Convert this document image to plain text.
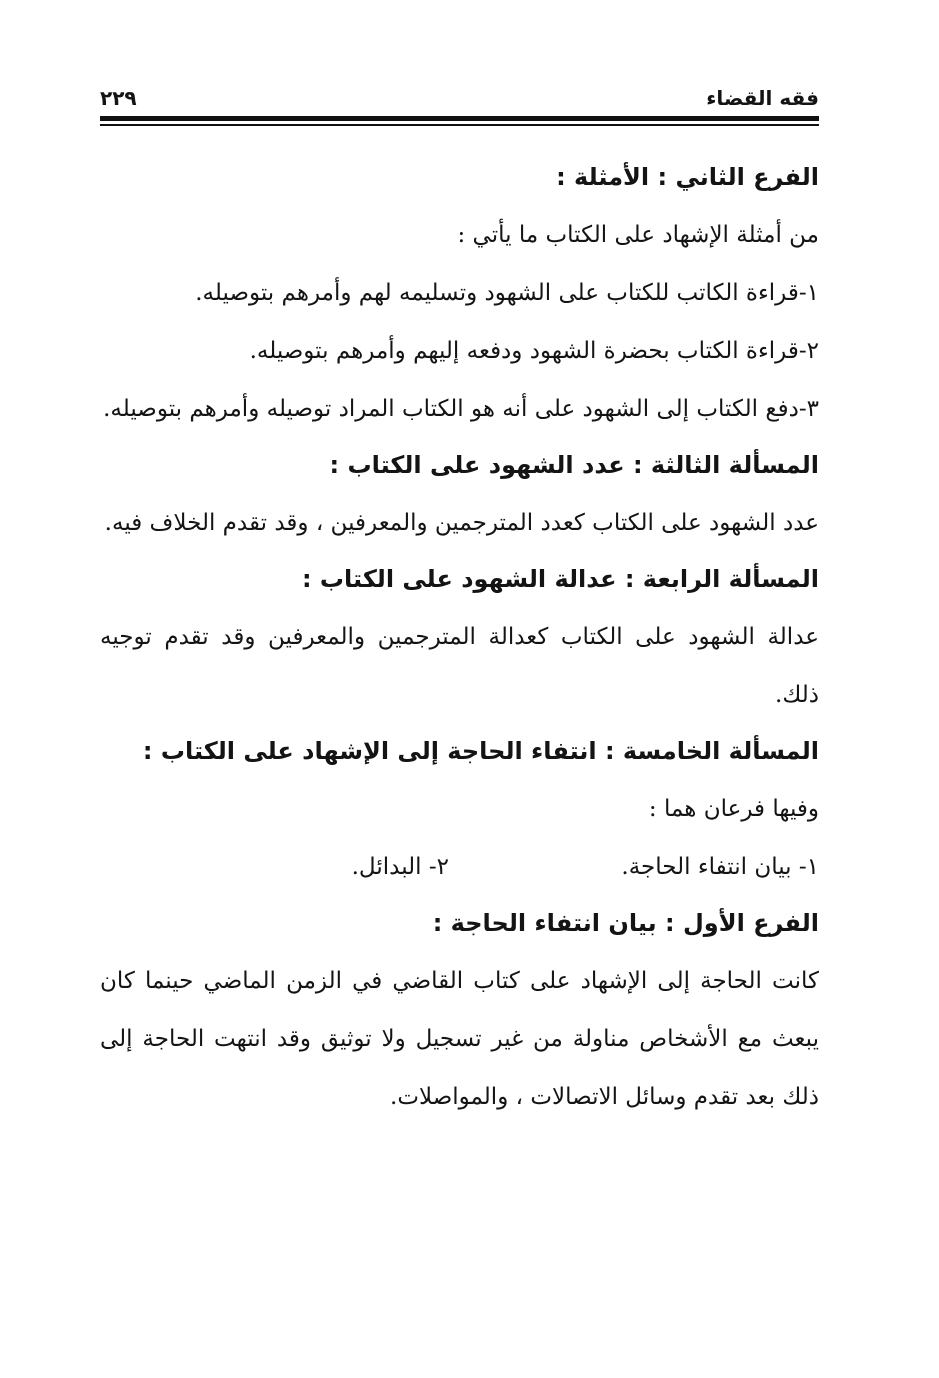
فقه القضاء
٢٢٩
الفرع الثاني : الأمثلة :

من أمثلة الإشهاد على الكتاب ما يأتي :

١-قراءة الكاتب للكتاب على الشهود وتسليمه لهم وأمرهم بتوصيله.

٢-قراءة الكتاب بحضرة الشهود ودفعه إليهم وأمرهم بتوصيله.

٣-دفع الكتاب إلى الشهود على أنه هو الكتاب المراد توصيله وأمرهم بتوصيله.

المسألة الثالثة : عدد الشهود على الكتاب :

عدد الشهود على الكتاب كعدد المترجمين والمعرفين ، وقد تقدم الخلاف فيه.

المسألة الرابعة : عدالة الشهود على الكتاب :

عدالة الشهود على الكتاب كعدالة المترجمين والمعرفين وقد تقدم توجيه ذلك.

المسألة الخامسة : انتفاء الحاجة إلى الإشهاد على الكتاب :

وفيها فرعان هما :

١- بيان انتفاء الحاجة.
٢- البدائل.
الفرع الأول : بيان انتفاء الحاجة :

كانت الحاجة إلى الإشهاد على كتاب القاضي في الزمن الماضي حينما كان يبعث مع الأشخاص مناولة من غير تسجيل ولا توثيق وقد انتهت الحاجة إلى ذلك بعد تقدم وسائل الاتصالات ، والمواصلات.
